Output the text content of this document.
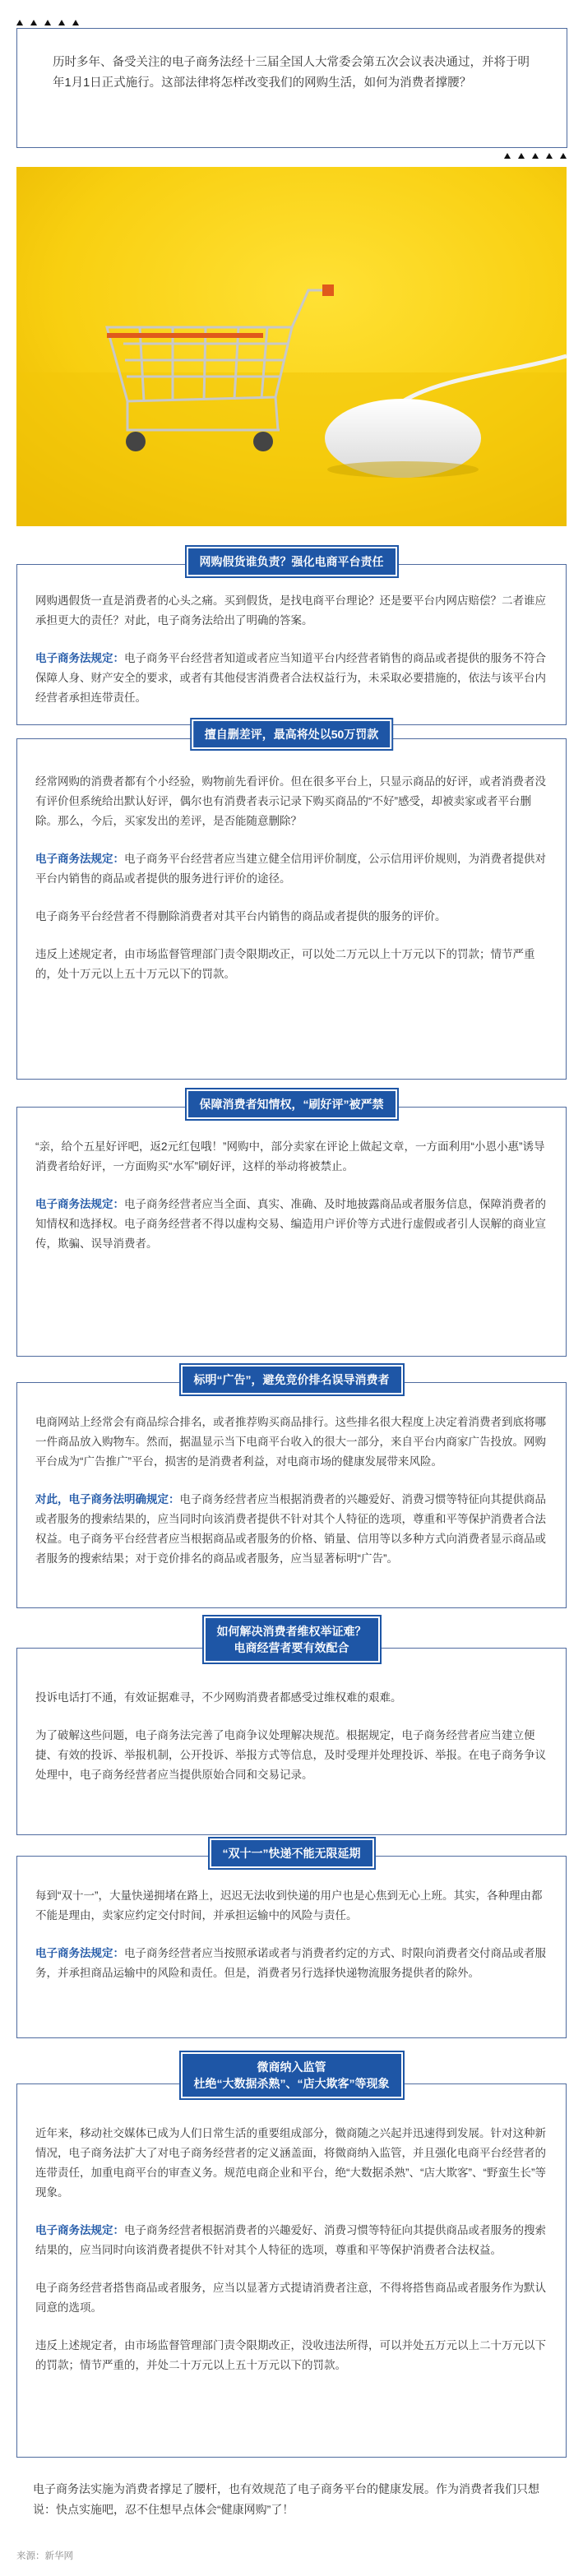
历时多年、备受关注的电子商务法经十三届全国人大常委会第五次会议表决通过，并将于明年1月1日正式施行。这部法律将怎样改变我们的网购生活，如何为消费者撑腰？
网购假货谁负责？强化电商平台责任

网购遇假货一直是消费者的心头之痛。买到假货，是找电商平台理论？还是要平台内网店赔偿？二者谁应承担更大的责任？对此，电子商务法给出了明确的答案。

电子商务法规定：电子商务平台经营者知道或者应当知道平台内经营者销售的商品或者提供的服务不符合保障人身、财产安全的要求，或者有其他侵害消费者合法权益行为，未采取必要措施的，依法与该平台内经营者承担连带责任。

擅自删差评，最高将处以50万罚款

经常网购的消费者都有个小经验，购物前先看评价。但在很多平台上，只显示商品的好评，或者消费者没有评价但系统给出默认好评，偶尔也有消费者表示记录下购买商品的“不好”感受，却被卖家或者平台删除。那么，今后，买家发出的差评，是否能随意删除？

电子商务法规定：电子商务平台经营者应当建立健全信用评价制度，公示信用评价规则，为消费者提供对平台内销售的商品或者提供的服务进行评价的途径。

电子商务平台经营者不得删除消费者对其平台内销售的商品或者提供的服务的评价。

违反上述规定者，由市场监督管理部门责令限期改正，可以处二万元以上十万元以下的罚款；情节严重的，处十万元以上五十万元以下的罚款。

保障消费者知情权，“刷好评”被严禁

“亲，给个五星好评吧，返2元红包哦！”网购中，部分卖家在评论上做起文章，一方面利用“小恩小惠”诱导消费者给好评，一方面购买“水军”刷好评，这样的举动将被禁止。

电子商务法规定：电子商务经营者应当全面、真实、准确、及时地披露商品或者服务信息，保障消费者的知情权和选择权。电子商务经营者不得以虚构交易、编造用户评价等方式进行虚假或者引人误解的商业宣传，欺骗、误导消费者。

标明“广告”，避免竞价排名误导消费者

电商网站上经常会有商品综合排名，或者推荐购买商品排行。这些排名很大程度上决定着消费者到底将哪一件商品放入购物车。然而，据温显示当下电商平台收入的很大一部分，来自平台内商家广告投放。网购平台成为“广告推广”平台，损害的是消费者利益，对电商市场的健康发展带来风险。

对此，电子商务法明确规定：电子商务经营者应当根据消费者的兴趣爱好、消费习惯等特征向其提供商品或者服务的搜索结果的，应当同时向该消费者提供不针对其个人特征的选项，尊重和平等保护消费者合法权益。电子商务平台经营者应当根据商品或者服务的价格、销量、信用等以多种方式向消费者显示商品或者服务的搜索结果；对于竞价排名的商品或者服务，应当显著标明“广告”。

如何解决消费者维权举证难？
电商经营者要有效配合

投诉电话打不通，有效证据难寻，不少网购消费者都感受过维权难的艰难。

为了破解这些问题，电子商务法完善了电商争议处理解决规范。根据规定，电子商务经营者应当建立便捷、有效的投诉、举报机制，公开投诉、举报方式等信息，及时受理并处理投诉、举报。在电子商务争议处理中，电子商务经营者应当提供原始合同和交易记录。

“双十一”快递不能无限延期

每到“双十一”，大量快递拥堵在路上，迟迟无法收到快递的用户也是心焦到无心上班。其实，各种理由都不能是理由，卖家应约定交付时间，并承担运输中的风险与责任。

电子商务法规定：电子商务经营者应当按照承诺或者与消费者约定的方式、时限向消费者交付商品或者服务，并承担商品运输中的风险和责任。但是，消费者另行选择快递物流服务提供者的除外。

微商纳入监管
杜绝“大数据杀熟”、“店大欺客”等现象

近年来，移动社交媒体已成为人们日常生活的重要组成部分，微商随之兴起并迅速得到发展。针对这种新情况，电子商务法扩大了对电子商务经营者的定义涵盖面，将微商纳入监管，并且强化电商平台经营者的连带责任，加重电商平台的审查义务。规范电商企业和平台，绝“大数据杀熟”、“店大欺客”、“野蛮生长”等现象。

电子商务法规定：电子商务经营者根据消费者的兴趣爱好、消费习惯等特征向其提供商品或者服务的搜索结果的，应当同时向该消费者提供不针对其个人特征的选项，尊重和平等保护消费者合法权益。

电子商务经营者搭售商品或者服务，应当以显著方式提请消费者注意，不得将搭售商品或者服务作为默认同意的选项。

违反上述规定者，由市场监督管理部门责令限期改正，没收违法所得，可以并处五万元以上二十万元以下的罚款；情节严重的，并处二十万元以上五十万元以下的罚款。

电子商务法实施为消费者撑足了腰杆，也有效规范了电子商务平台的健康发展。作为消费者我们只想说：快点实施吧，忍不住想早点体会“健康网购”了！
来源：新华网
